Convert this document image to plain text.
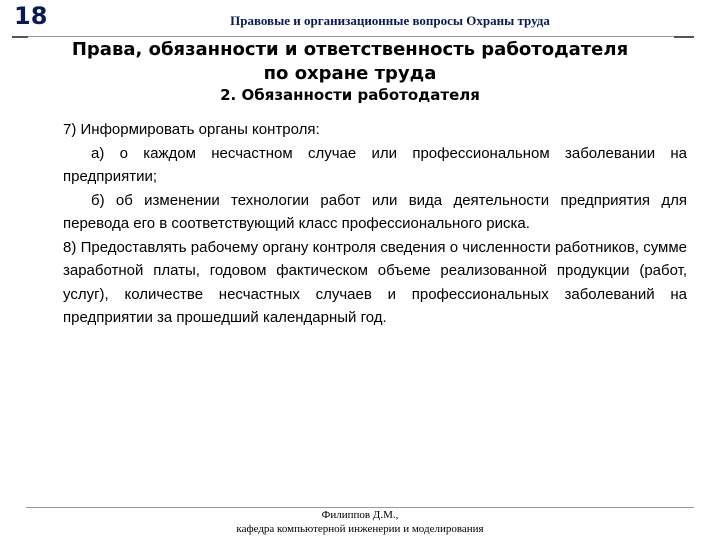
18	Правовые и организационные вопросы Охраны труда
Права, обязанности и ответственность работодателя по охране труда
2. Обязанности работодателя

7) Информировать органы контроля:

а) о каждом несчастном случае или профессиональном заболевании на предприятии;

б) об изменении технологии работ или вида деятельности предприятия для перевода его в соответствующий класс профессионального риска.

8) Предоставлять рабочему органу контроля сведения о численности работников, сумме заработной платы, годовом фактическом объеме реализованной продукции (работ, услуг), количестве несчастных случаев и профессиональных заболеваний на предприятии за прошедший календарный год.

Филиппов Д.М.,
кафедра компьютерной инженерии и моделирования
